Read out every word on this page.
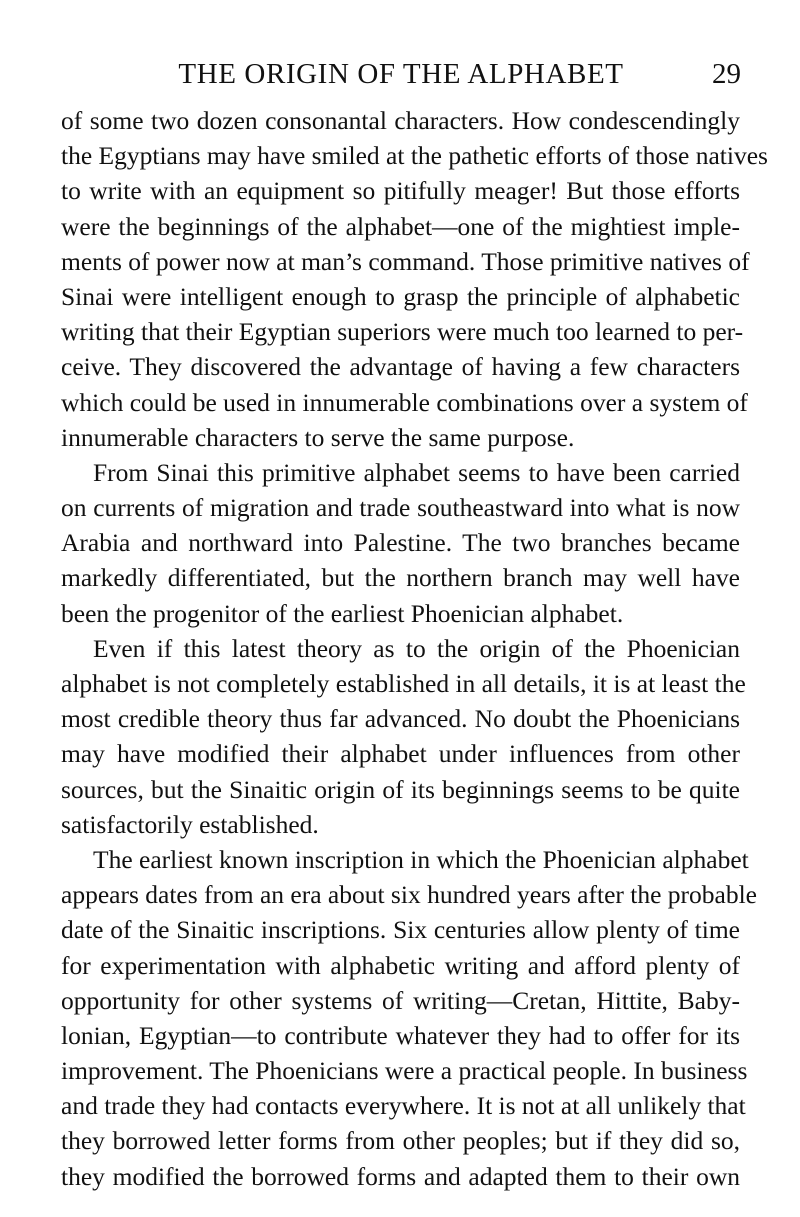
THE ORIGIN OF THE ALPHABET	29
of some two dozen consonantal characters. How condescendingly
the Egyptians may have smiled at the pathetic efforts of those natives
to write with an equipment so pitifully meager! But those efforts
were the beginnings of the alphabet—one of the mightiest imple-
ments of power now at man’s command. Those primitive natives of
Sinai were intelligent enough to grasp the principle of alphabetic
writing that their Egyptian superiors were much too learned to per-
ceive. They discovered the advantage of having a few characters
which could be used in innumerable combinations over a system of
innumerable characters to serve the same purpose.
From Sinai this primitive alphabet seems to have been carried
on currents of migration and trade southeastward into what is now
Arabia and northward into Palestine. The two branches became
markedly differentiated, but the northern branch may well have
been the progenitor of the earliest Phoenician alphabet.
Even if this latest theory as to the origin of the Phoenician
alphabet is not completely established in all details, it is at least the
most credible theory thus far advanced. No doubt the Phoenicians
may have modified their alphabet under influences from other
sources, but the Sinaitic origin of its beginnings seems to be quite
satisfactorily established.
The earliest known inscription in which the Phoenician alphabet
appears dates from an era about six hundred years after the probable
date of the Sinaitic inscriptions. Six centuries allow plenty of time
for experimentation with alphabetic writing and afford plenty of
opportunity for other systems of writing—Cretan, Hittite, Baby-
lonian, Egyptian—to contribute whatever they had to offer for its
improvement. The Phoenicians were a practical people. In business
and trade they had contacts everywhere. It is not at all unlikely that
they borrowed letter forms from other peoples; but if they did so,
they modified the borrowed forms and adapted them to their own
